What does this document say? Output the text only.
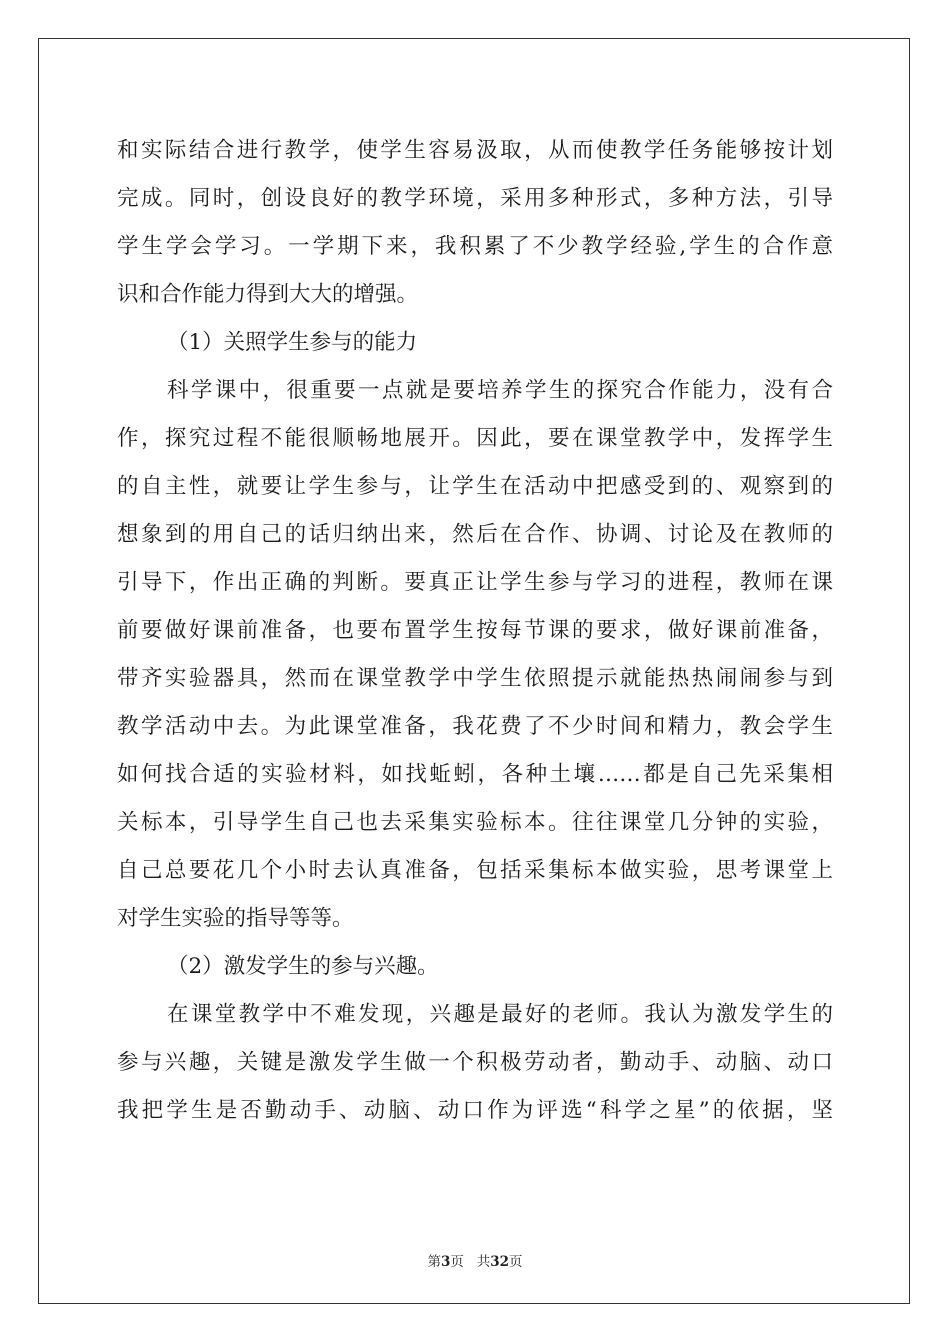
和实际结合进行教学，使学生容易汲取，从而使教学任务能够按计划
完成。同时，创设良好的教学环境，采用多种形式，多种方法，引导
学生学会学习。一学期下来，我积累了不少教学经验,学生的合作意
识和合作能力得到大大的增强。
（1）关照学生参与的能力
科学课中，很重要一点就是要培养学生的探究合作能力，没有合
作，探究过程不能很顺畅地展开。因此，要在课堂教学中，发挥学生
的自主性，就要让学生参与，让学生在活动中把感受到的、观察到的
想象到的用自己的话归纳出来，然后在合作、协调、讨论及在教师的
引导下，作出正确的判断。要真正让学生参与学习的进程，教师在课
前要做好课前准备，也要布置学生按每节课的要求，做好课前准备，
带齐实验器具，然而在课堂教学中学生依照提示就能热热闹闹参与到
教学活动中去。为此课堂准备，我花费了不少时间和精力，教会学生
如何找合适的实验材料，如找蚯蚓，各种土壤……都是自己先采集相
关标本，引导学生自己也去采集实验标本。往往课堂几分钟的实验，
自己总要花几个小时去认真准备，包括采集标本做实验，思考课堂上
对学生实验的指导等等。
（2）激发学生的参与兴趣。
在课堂教学中不难发现，兴趣是最好的老师。我认为激发学生的
参与兴趣，关键是激发学生做一个积极劳动者，勤动手、动脑、动口
我把学生是否勤动手、动脑、动口作为评选“科学之星”的依据，坚
第3页 共32页
